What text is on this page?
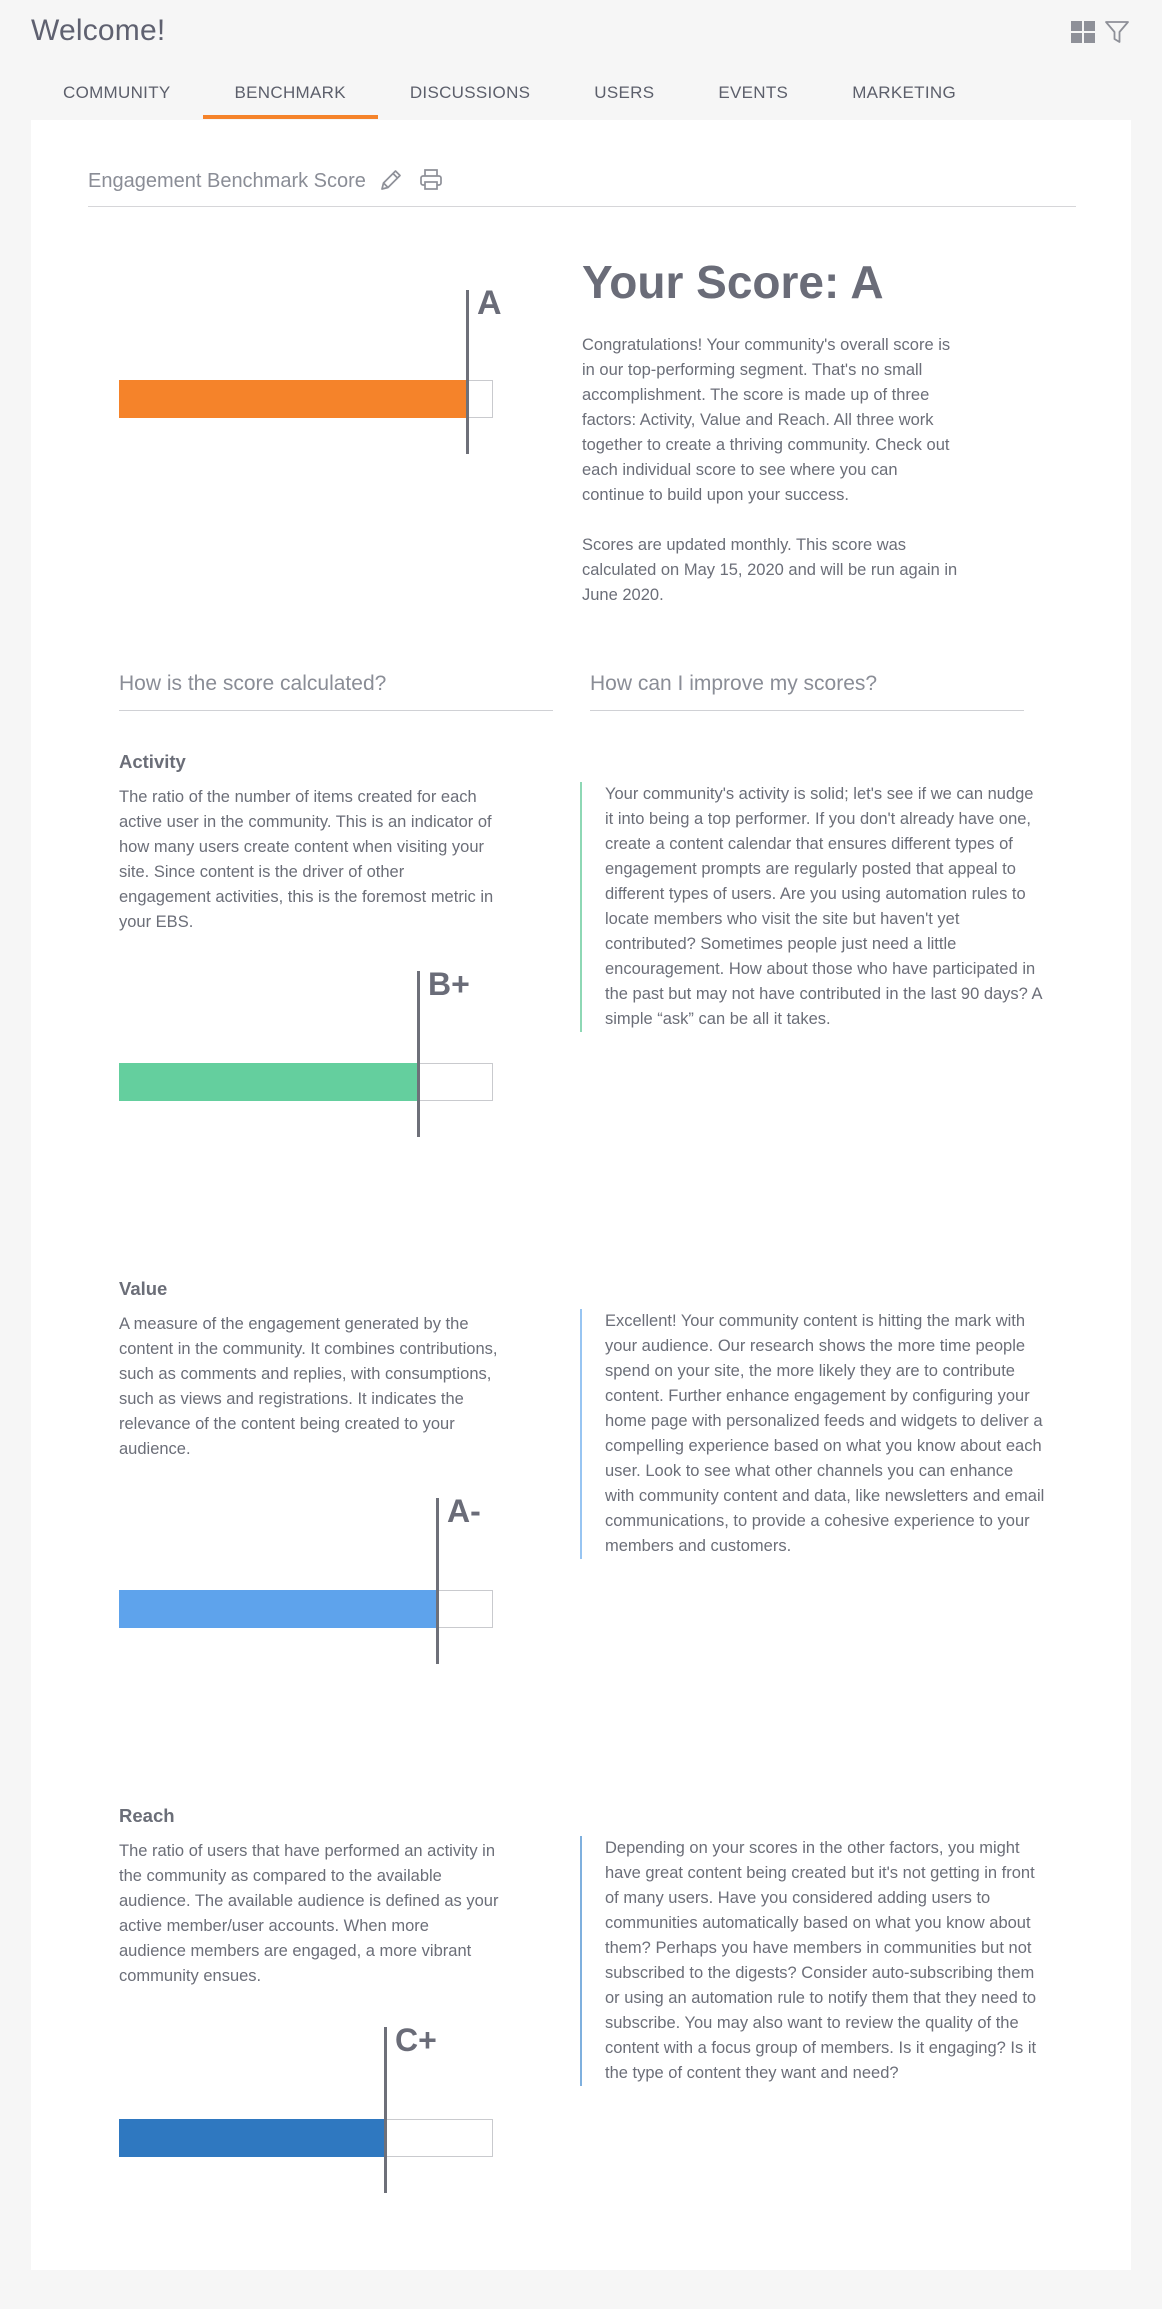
Welcome!
COMMUNITY	BENCHMARK	DISCUSSIONS	USERS	EVENTS	MARKETING
Engagement Benchmark Score
A Your Score: A
Congratulations! Your community's overall score is in our top-performing segment. That's no small accomplishment. The score is made up of three factors: Activity, Value and Reach. All three work together to create a thriving community. Check out each individual score to see where you can continue to build upon your success.
Scores are updated monthly. This score was calculated on May 15, 2020 and will be run again in June 2020.
How is the score calculated?	How can I improve my scores?
Activity
The ratio of the number of items created for each active user in the community. This is an indicator of how many users create content when visiting your site. Since content is the driver of other engagement activities, this is the foremost metric in your EBS.
B+
Your community's activity is solid; let's see if we can nudge it into being a top performer. If you don't already have one, create a content calendar that ensures different types of engagement prompts are regularly posted that appeal to different types of users. Are you using automation rules to locate members who visit the site but haven't yet contributed? Sometimes people just need a little encouragement. How about those who have participated in the past but may not have contributed in the last 90 days? A simple “ask” can be all it takes.
Value
A measure of the engagement generated by the content in the community. It combines contributions, such as comments and replies, with consumptions, such as views and registrations. It indicates the relevance of the content being created to your audience.
A-
Excellent! Your community content is hitting the mark with your audience. Our research shows the more time people spend on your site, the more likely they are to contribute content. Further enhance engagement by configuring your home page with personalized feeds and widgets to deliver a compelling experience based on what you know about each user. Look to see what other channels you can enhance with community content and data, like newsletters and email communications, to provide a cohesive experience to your members and customers.
Reach
The ratio of users that have performed an activity in the community as compared to the available audience. The available audience is defined as your active member/user accounts. When more audience members are engaged, a more vibrant community ensues.
C+
Depending on your scores in the other factors, you might have great content being created but it's not getting in front of many users. Have you considered adding users to communities automatically based on what you know about them? Perhaps you have members in communities but not subscribed to the digests? Consider auto-subscribing them or using an automation rule to notify them that they need to subscribe. You may also want to review the quality of the content with a focus group of members. Is it engaging? Is it the type of content they want and need?
